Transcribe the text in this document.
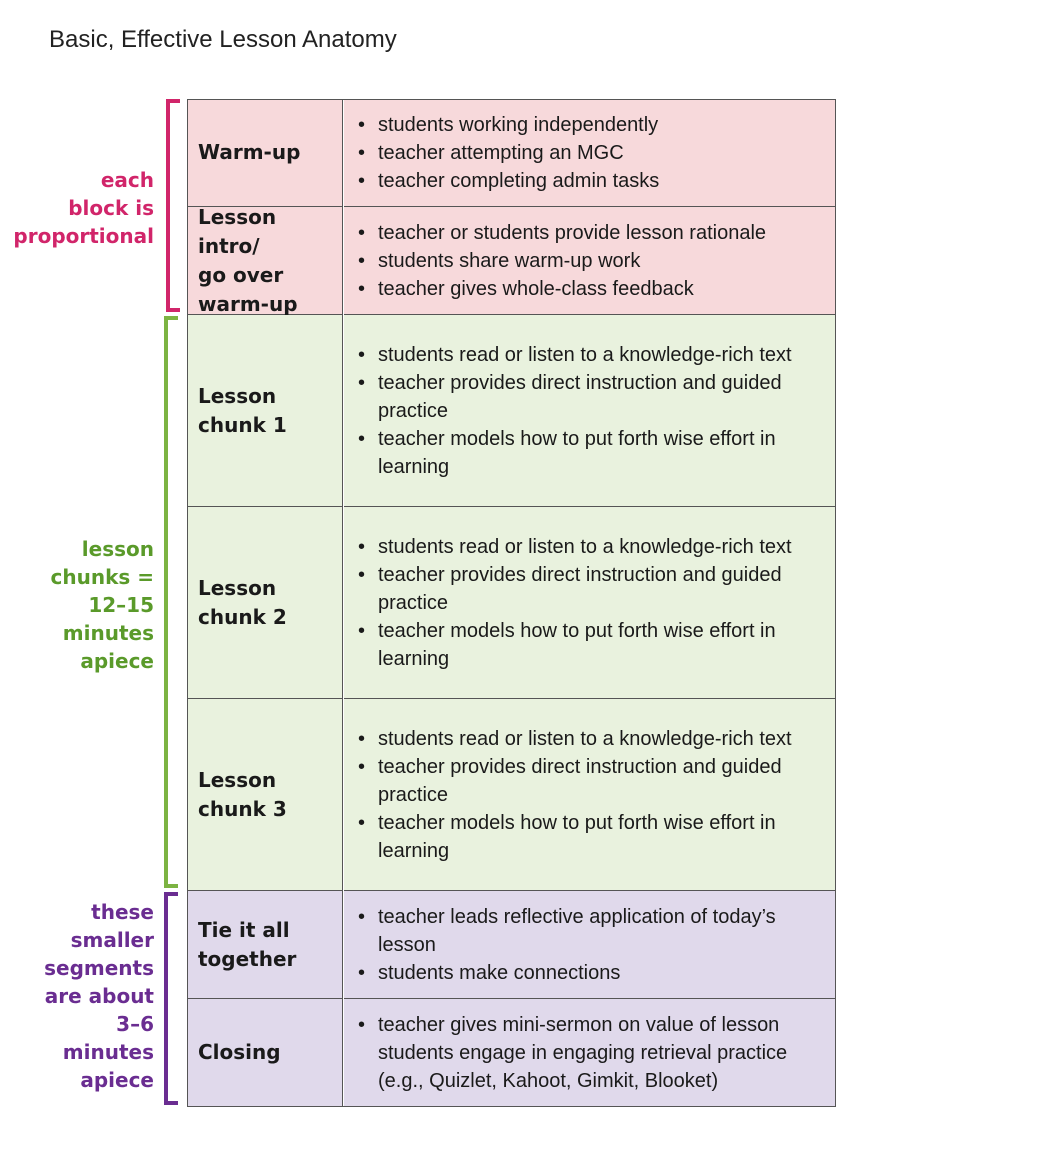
Basic, Effective Lesson Anatomy
each
block is
proportional
lesson
chunks =
12–15
minutes
apiece
these
smaller
segments
are about
3–6
minutes
apiece
Warm-up
• students working independently
• teacher attempting an MGC
• teacher completing admin tasks
Lesson intro/
go over
warm-up
• teacher or students provide lesson rationale
• students share warm-up work
• teacher gives whole-class feedback
Lesson
chunk 1
• students read or listen to a knowledge-rich text
• teacher provides direct instruction and guided practice
• teacher models how to put forth wise effort in learning
Lesson
chunk 2
• students read or listen to a knowledge-rich text
• teacher provides direct instruction and guided practice
• teacher models how to put forth wise effort in learning
Lesson
chunk 3
• students read or listen to a knowledge-rich text
• teacher provides direct instruction and guided practice
• teacher models how to put forth wise effort in learning
Tie it all
together
• teacher leads reflective application of today’s lesson
• students make connections
Closing
• teacher gives mini-sermon on value of lesson students engage in engaging retrieval practice (e.g., Quizlet, Kahoot, Gimkit, Blooket)
